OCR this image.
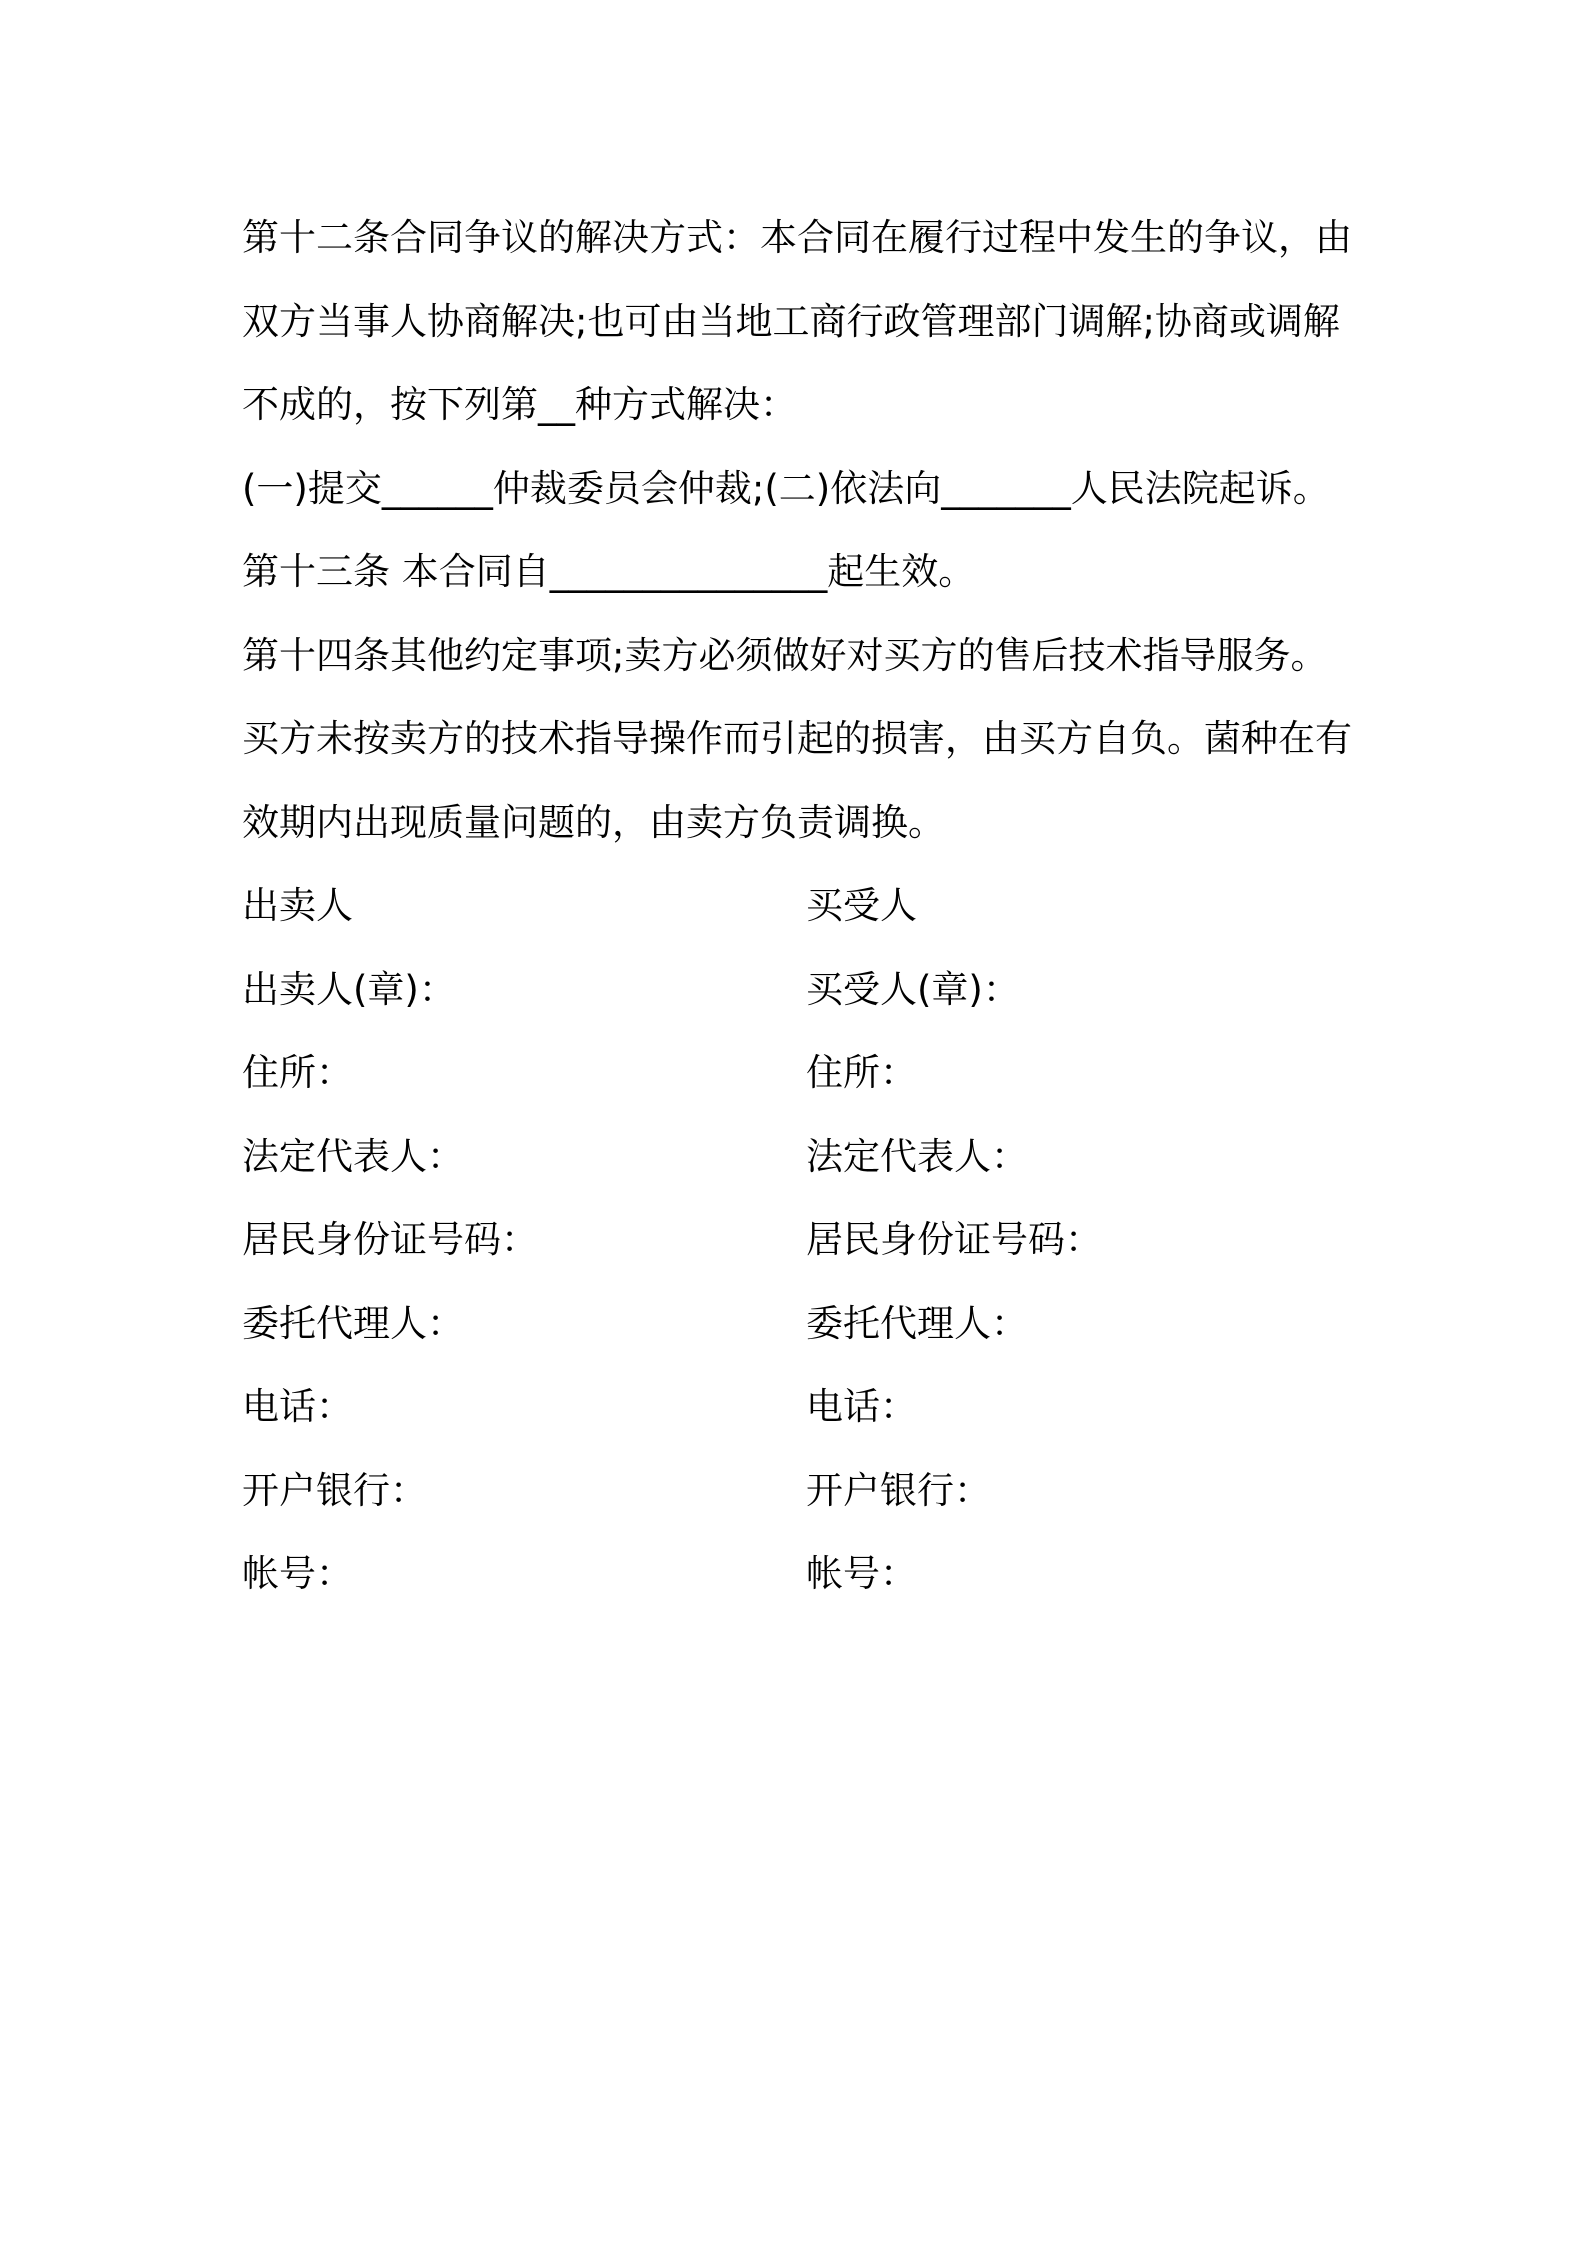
第十二条合同争议的解决方式：本合同在履行过程中发生的争议，由
双方当事人协商解决;也可由当地工商行政管理部门调解;协商或调解
不成的，按下列第__种方式解决：
(一)提交______仲裁委员会仲裁;(二)依法向_______人民法院起诉。
第十三条 本合同自_______________起生效。
第十四条其他约定事项;卖方必须做好对买方的售后技术指导服务。
买方未按卖方的技术指导操作而引起的损害，由买方自负。菌种在有
效期内出现质量问题的，由卖方负责调换。
出卖人	买受人
出卖人(章)：	买受人(章)：
住所：	住所：
法定代表人：	法定代表人：
居民身份证号码：	居民身份证号码：
委托代理人：	委托代理人：
电话：	电话：
开户银行：	开户银行：
帐号：	帐号：
